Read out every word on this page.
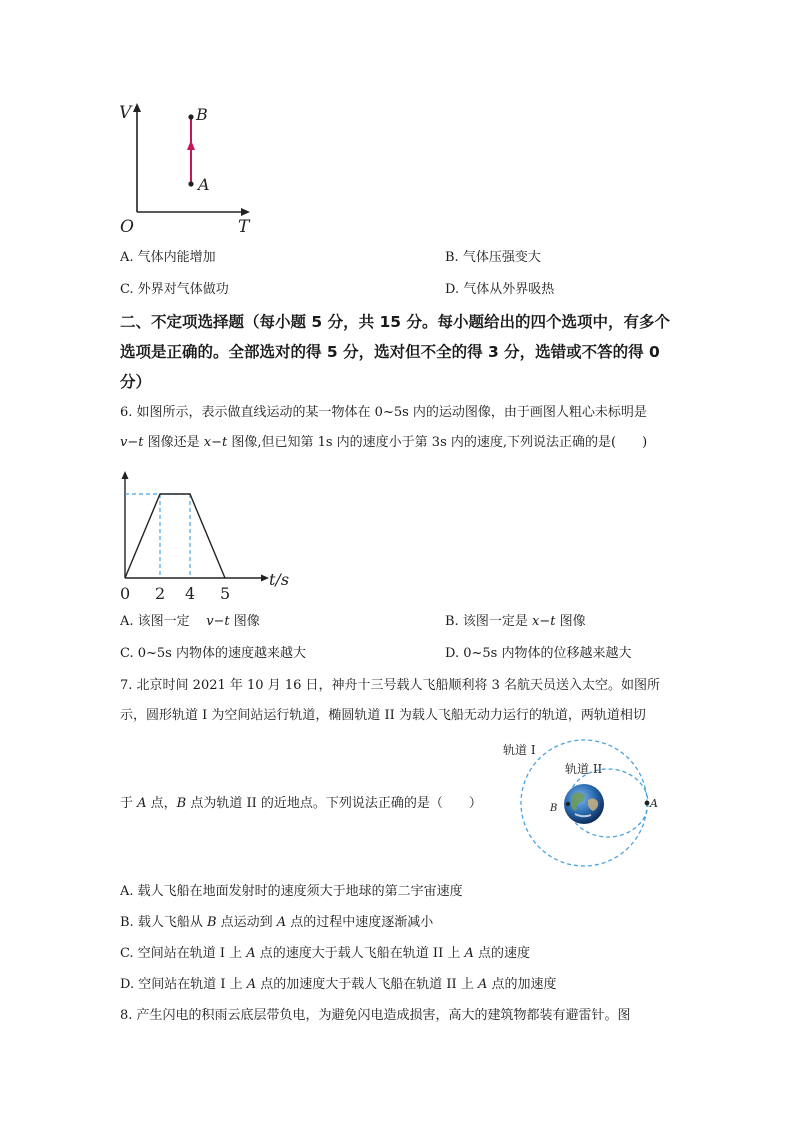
V
T
O
A
B
A. 气体内能增加	B. 气体压强变大
C. 外界对气体做功	D. 气体从外界吸热
二、不定项选择题（每小题 5 分，共 15 分。每小题给出的四个选项中，有多个
选项是正确的。全部选对的得 5 分，选对但不全的得 3 分，选错或不答的得 0
分）
6. 如图所示，表示做直线运动的某一物体在 0~5s 内的运动图像，由于画图人粗心未标明是
v−t 图像还是 x−t 图像,但已知第 1s 内的速度小于第 3s 内的速度,下列说法正确的是(　　)
0 2 4 5
t/s
A. 该图一定 v−t 图像	B. 该图一定是 x−t 图像
C. 0~5s 内物体的速度越来越大	D. 0~5s 内物体的位移越来越大
7. 北京时间 2021 年 10 月 16 日，神舟十三号载人飞船顺利将 3 名航天员送入太空。如图所
示，圆形轨道 I 为空间站运行轨道，椭圆轨道 II 为载人飞船无动力运行的轨道，两轨道相切
于 A 点，B 点为轨道 II 的近地点。下列说法正确的是（　　）
轨道 I
轨道 II
A
B
A. 载人飞船在地面发射时的速度须大于地球的第二宇宙速度
B. 载人飞船从 B 点运动到 A 点的过程中速度逐渐减小
C. 空间站在轨道 I 上 A 点的速度大于载人飞船在轨道 II 上 A 点的速度
D. 空间站在轨道 I 上 A 点的加速度大于载人飞船在轨道 II 上 A 点的加速度
8. 产生闪电的积雨云底层带负电，为避免闪电造成损害，高大的建筑物都装有避雷针。图
